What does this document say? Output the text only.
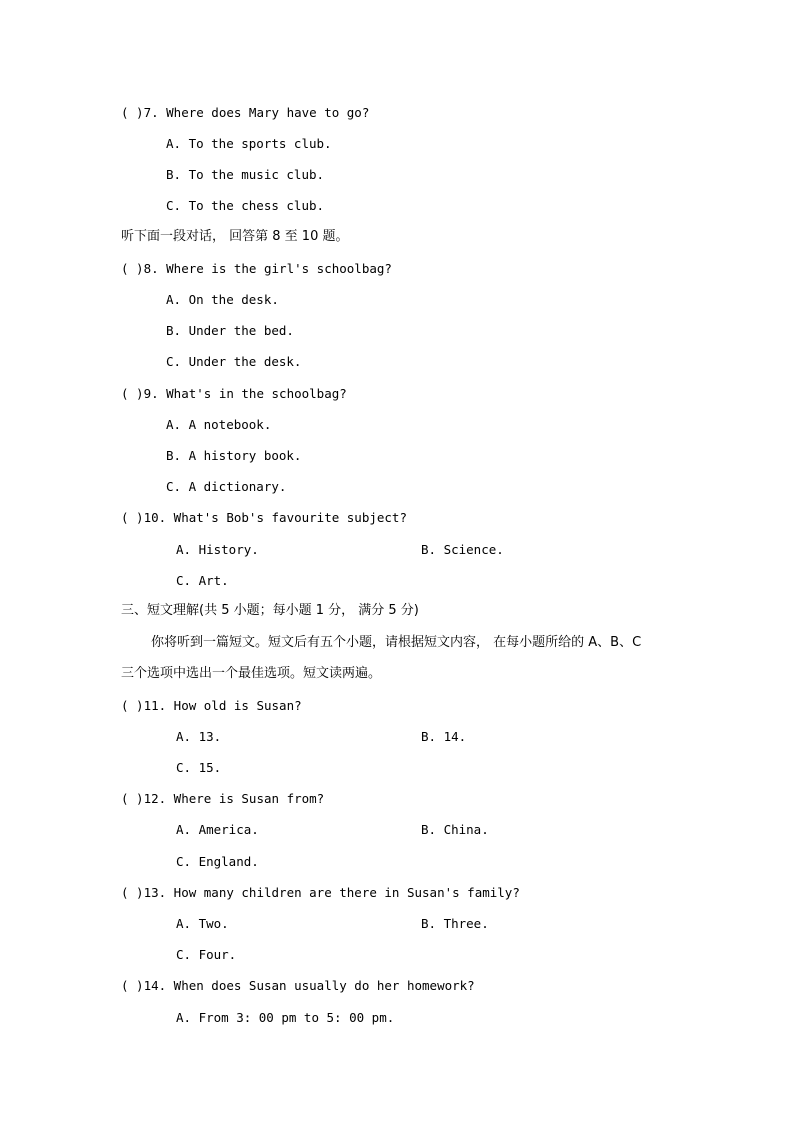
( )7. Where does Mary have to go?
A. To the sports club.
B. To the music club.
C. To the chess club.
听下面一段对话， 回答第 8 至 10 题。
( )8. Where is the girl's schoolbag?
A. On the desk.
B. Under the bed.
C. Under the desk.
( )9. What's in the schoolbag?
A. A notebook.
B. A history book.
C. A dictionary.
( )10. What's Bob's favourite subject?
A. History.	B. Science.
C. Art.
三、短文理解(共 5 小题；每小题 1 分， 满分 5 分)
你将听到一篇短文。短文后有五个小题，请根据短文内容， 在每小题所给的 A、B、C
三个选项中选出一个最佳选项。短文读两遍。
( )11. How old is Susan?
A. 13.	B. 14.
C. 15.
( )12. Where is Susan from?
A. America.	B. China.
C. England.
( )13. How many children are there in Susan's family?
A. Two.	B. Three.
C. Four.
( )14. When does Susan usually do her homework?
A. From 3: 00 pm to 5: 00 pm.
